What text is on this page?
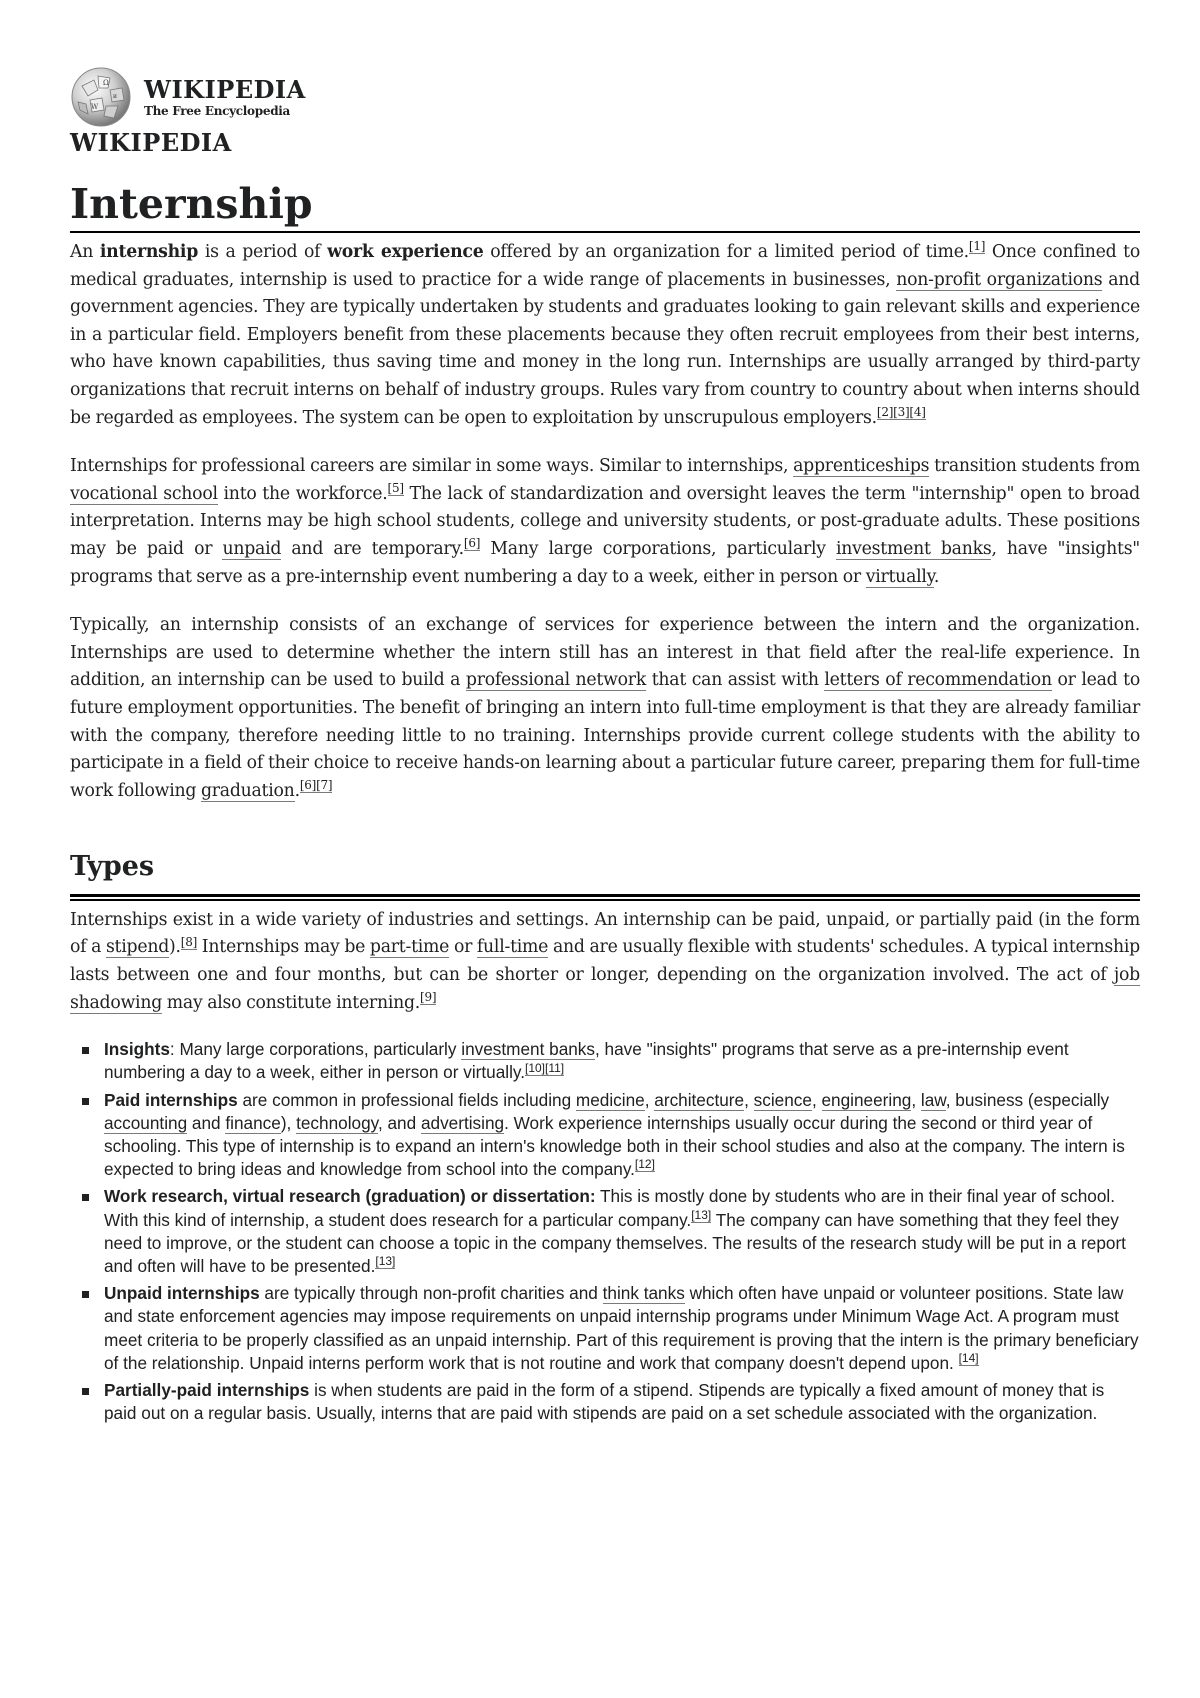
Ω
W
и WIKIPEDIA
The Free Encyclopedia
WIKIPEDIA
Internship

An internship is a period of work experience offered by an organization for a limited period of time.[1] Once confined to medical graduates, internship is used to practice for a wide range of placements in businesses, non-profit organizations and government agencies. They are typically undertaken by students and graduates looking to gain relevant skills and experience in a particular field. Employers benefit from these placements because they often recruit employees from their best interns, who have known capabilities, thus saving time and money in the long run. Internships are usually arranged by third-party organizations that recruit interns on behalf of industry groups. Rules vary from country to country about when interns should be regarded as employees. The system can be open to exploitation by unscrupulous employers.[2][3][4]

Internships for professional careers are similar in some ways. Similar to internships, apprenticeships transition students from vocational school into the workforce.[5] The lack of standardization and oversight leaves the term "internship" open to broad interpretation. Interns may be high school students, college and university students, or post-graduate adults. These positions may be paid or unpaid and are temporary.[6] Many large corporations, particularly investment banks, have "insights" programs that serve as a pre-internship event numbering a day to a week, either in person or virtually.

Typically, an internship consists of an exchange of services for experience between the intern and the organization. Internships are used to determine whether the intern still has an interest in that field after the real-life experience. In addition, an internship can be used to build a professional network that can assist with letters of recommendation or lead to future employment opportunities. The benefit of bringing an intern into full-time employment is that they are already familiar with the company, therefore needing little to no training. Internships provide current college students with the ability to participate in a field of their choice to receive hands-on learning about a particular future career, preparing them for full-time work following graduation.[6][7]

Types

Internships exist in a wide variety of industries and settings. An internship can be paid, unpaid, or partially paid (in the form of a stipend).[8] Internships may be part-time or full-time and are usually flexible with students' schedules. A typical internship lasts between one and four months, but can be shorter or longer, depending on the organization involved. The act of job shadowing may also constitute interning.[9]

Insights: Many large corporations, particularly investment banks, have "insights" programs that serve as a pre-internship event numbering a day to a week, either in person or virtually.[10][11]
Paid internships are common in professional fields including medicine, architecture, science, engineering, law, business (especially accounting and finance), technology, and advertising. Work experience internships usually occur during the second or third year of schooling. This type of internship is to expand an intern's knowledge both in their school studies and also at the company. The intern is expected to bring ideas and knowledge from school into the company.[12]
Work research, virtual research (graduation) or dissertation: This is mostly done by students who are in their final year of school. With this kind of internship, a student does research for a particular company.[13] The company can have something that they feel they need to improve, or the student can choose a topic in the company themselves. The results of the research study will be put in a report and often will have to be presented.[13]
Unpaid internships are typically through non-profit charities and think tanks which often have unpaid or volunteer positions. State law and state enforcement agencies may impose requirements on unpaid internship programs under Minimum Wage Act. A program must meet criteria to be properly classified as an unpaid internship. Part of this requirement is proving that the intern is the primary beneficiary of the relationship. Unpaid interns perform work that is not routine and work that company doesn't depend upon. [14]
Partially-paid internships is when students are paid in the form of a stipend. Stipends are typically a fixed amount of money that is paid out on a regular basis. Usually, interns that are paid with stipends are paid on a set schedule associated with the organization.
